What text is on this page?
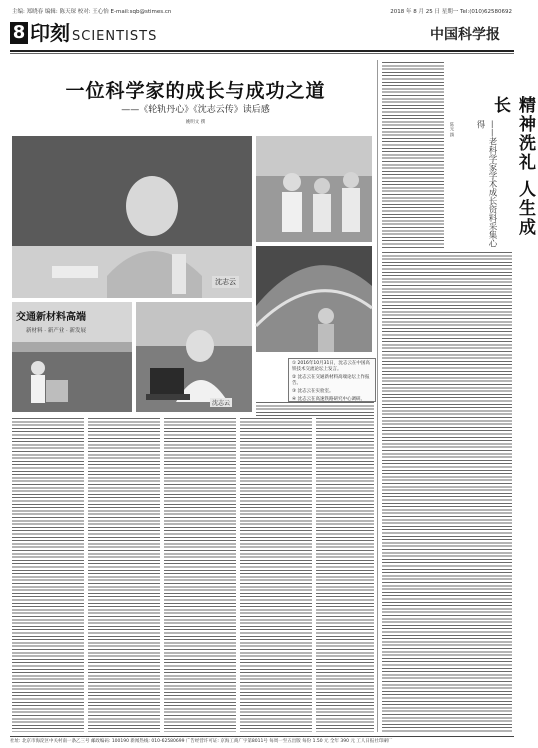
主编: 郑晓春 编辑: 陈天琛 校对: 王心怡 E-mail:sqb@stimes.cn	2018 年 8 月 25 日 星期一 Tel:(010)62580692
8 印刻 SCIENTISTS	中国科学报
一位科学家的成长与成功之道
——《轮轨丹心》《沈志云传》读后感
姚明文 撰
沈志云
交通新材料高端
新材料 · 新产业 · 新发展
沈志云
① 2016年10月31日，沈志云在中国高铁技术交流论坛上发言。
② 沈志云在交通新材料高端论坛上作报告。
③ 沈志云在实验室。
④ 沈志云在高速铁路研究中心调研。
精神洗礼 人生成长
——老科学家学术成长资料采集心得
陈光 撰
社址: 北京市海淀区中关村南一条乙三号 邮政编码: 100190 新闻热线: 010-62580699 广告经营许可证: 京海工商广字第8011号 每周一至五出版 每份 1.50 元 全年 390 元 工人日报社印刷厂
